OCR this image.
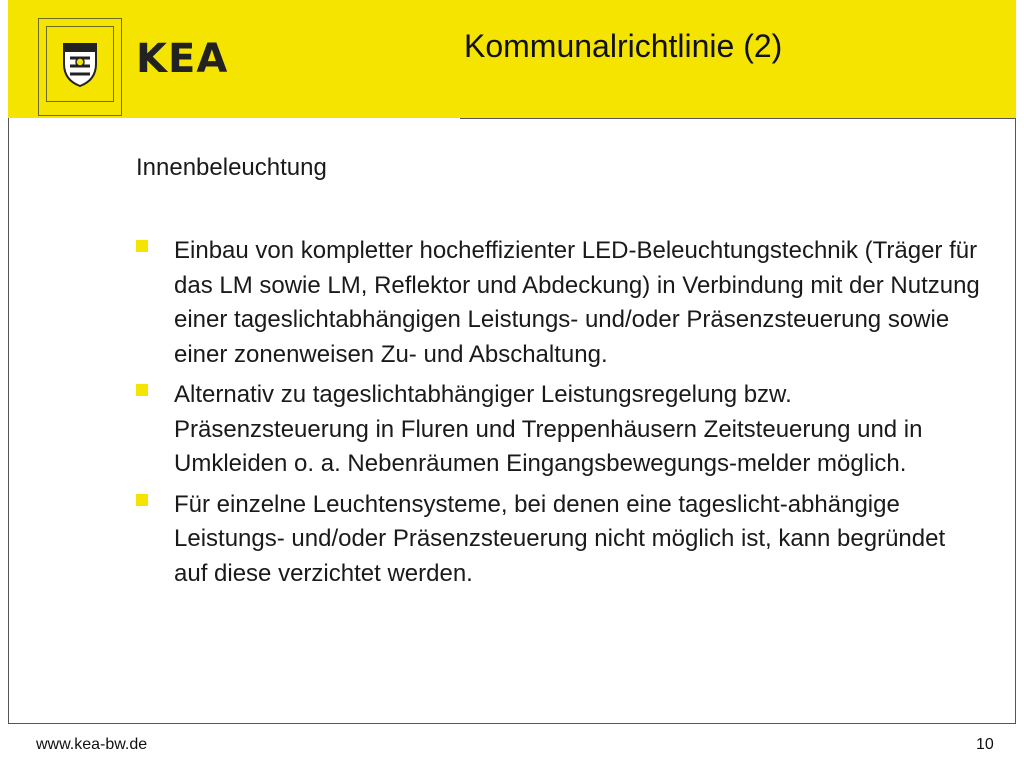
KEA	Kommunalrichtlinie (2)
Innenbeleuchtung
Einbau von kompletter hocheffizienter LED-Beleuchtungstechnik (Träger für das LM sowie LM, Reflektor und Abdeckung) in Verbindung mit der Nutzung einer tageslichtabhängigen Leistungs- und/oder Präsenzsteuerung sowie einer zonenweisen Zu- und Abschaltung.
Alternativ zu tageslichtabhängiger Leistungsregelung bzw. Präsenzsteuerung in Fluren und Treppenhäusern Zeitsteuerung und in Umkleiden o. a. Nebenräumen Eingangsbewegungs-melder möglich.
Für einzelne Leuchtensysteme, bei denen eine tageslicht-abhängige Leistungs- und/oder Präsenzsteuerung nicht möglich ist, kann begründet auf diese verzichtet werden.
www.kea-bw.de	10
